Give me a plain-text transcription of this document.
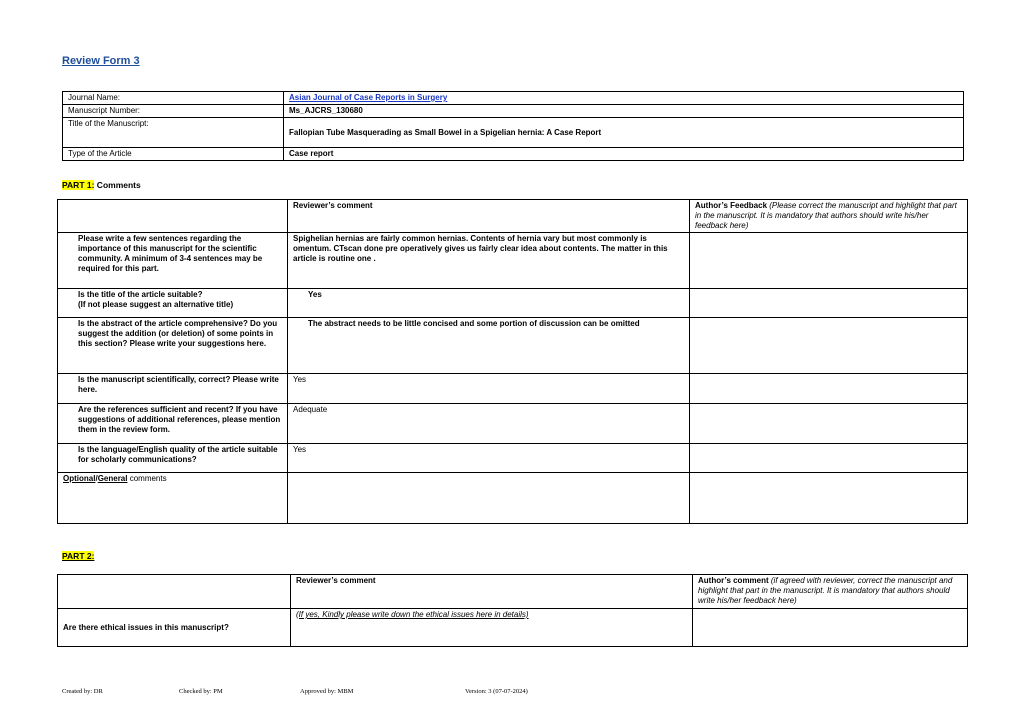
Review Form 3
Journal Name:	Asian Journal of Case Reports in Surgery
Manuscript Number:	Ms_AJCRS_130680
Title of the Manuscript:	Fallopian Tube Masquerading as Small Bowel in a Spigelian hernia: A Case Report
Type of the Article	Case report
PART 1: Comments
	Reviewer’s comment	Author’s Feedback (Please correct the manuscript and highlight that part in the manuscript. It is mandatory that authors should write his/her feedback here)
Please write a few sentences regarding the importance of this manuscript for the scientific community. A minimum of 3-4 sentences may be required for this part.	Spighelian hernias are fairly common hernias. Contents of hernia vary but most commonly is omentum. CTscan done pre operatively gives us fairly clear idea about contents. The matter in this article is routine one .	
Is the title of the article suitable?
(If not please suggest an alternative title)	Yes	
Is the abstract of the article comprehensive? Do you suggest the addition (or deletion) of some points in this section? Please write your suggestions here.	The abstract needs to be little concised and some portion of discussion can be omitted	
Is the manuscript scientifically, correct? Please write here.	Yes	
Are the references sufficient and recent? If you have suggestions of additional references, please mention them in the review form.	Adequate	
Is the language/English quality of the article suitable for scholarly communications?	Yes	
Optional/General comments		
PART 2:
	Reviewer’s comment	Author’s comment (if agreed with reviewer, correct the manuscript and highlight that part in the manuscript. It is mandatory that authors should write his/her feedback here)
Are there ethical issues in this manuscript?	(If yes, Kindly please write down the ethical issues here in details)	
Created by: DR	Checked by: PM	Approved by: MBM	Version: 3 (07-07-2024)
